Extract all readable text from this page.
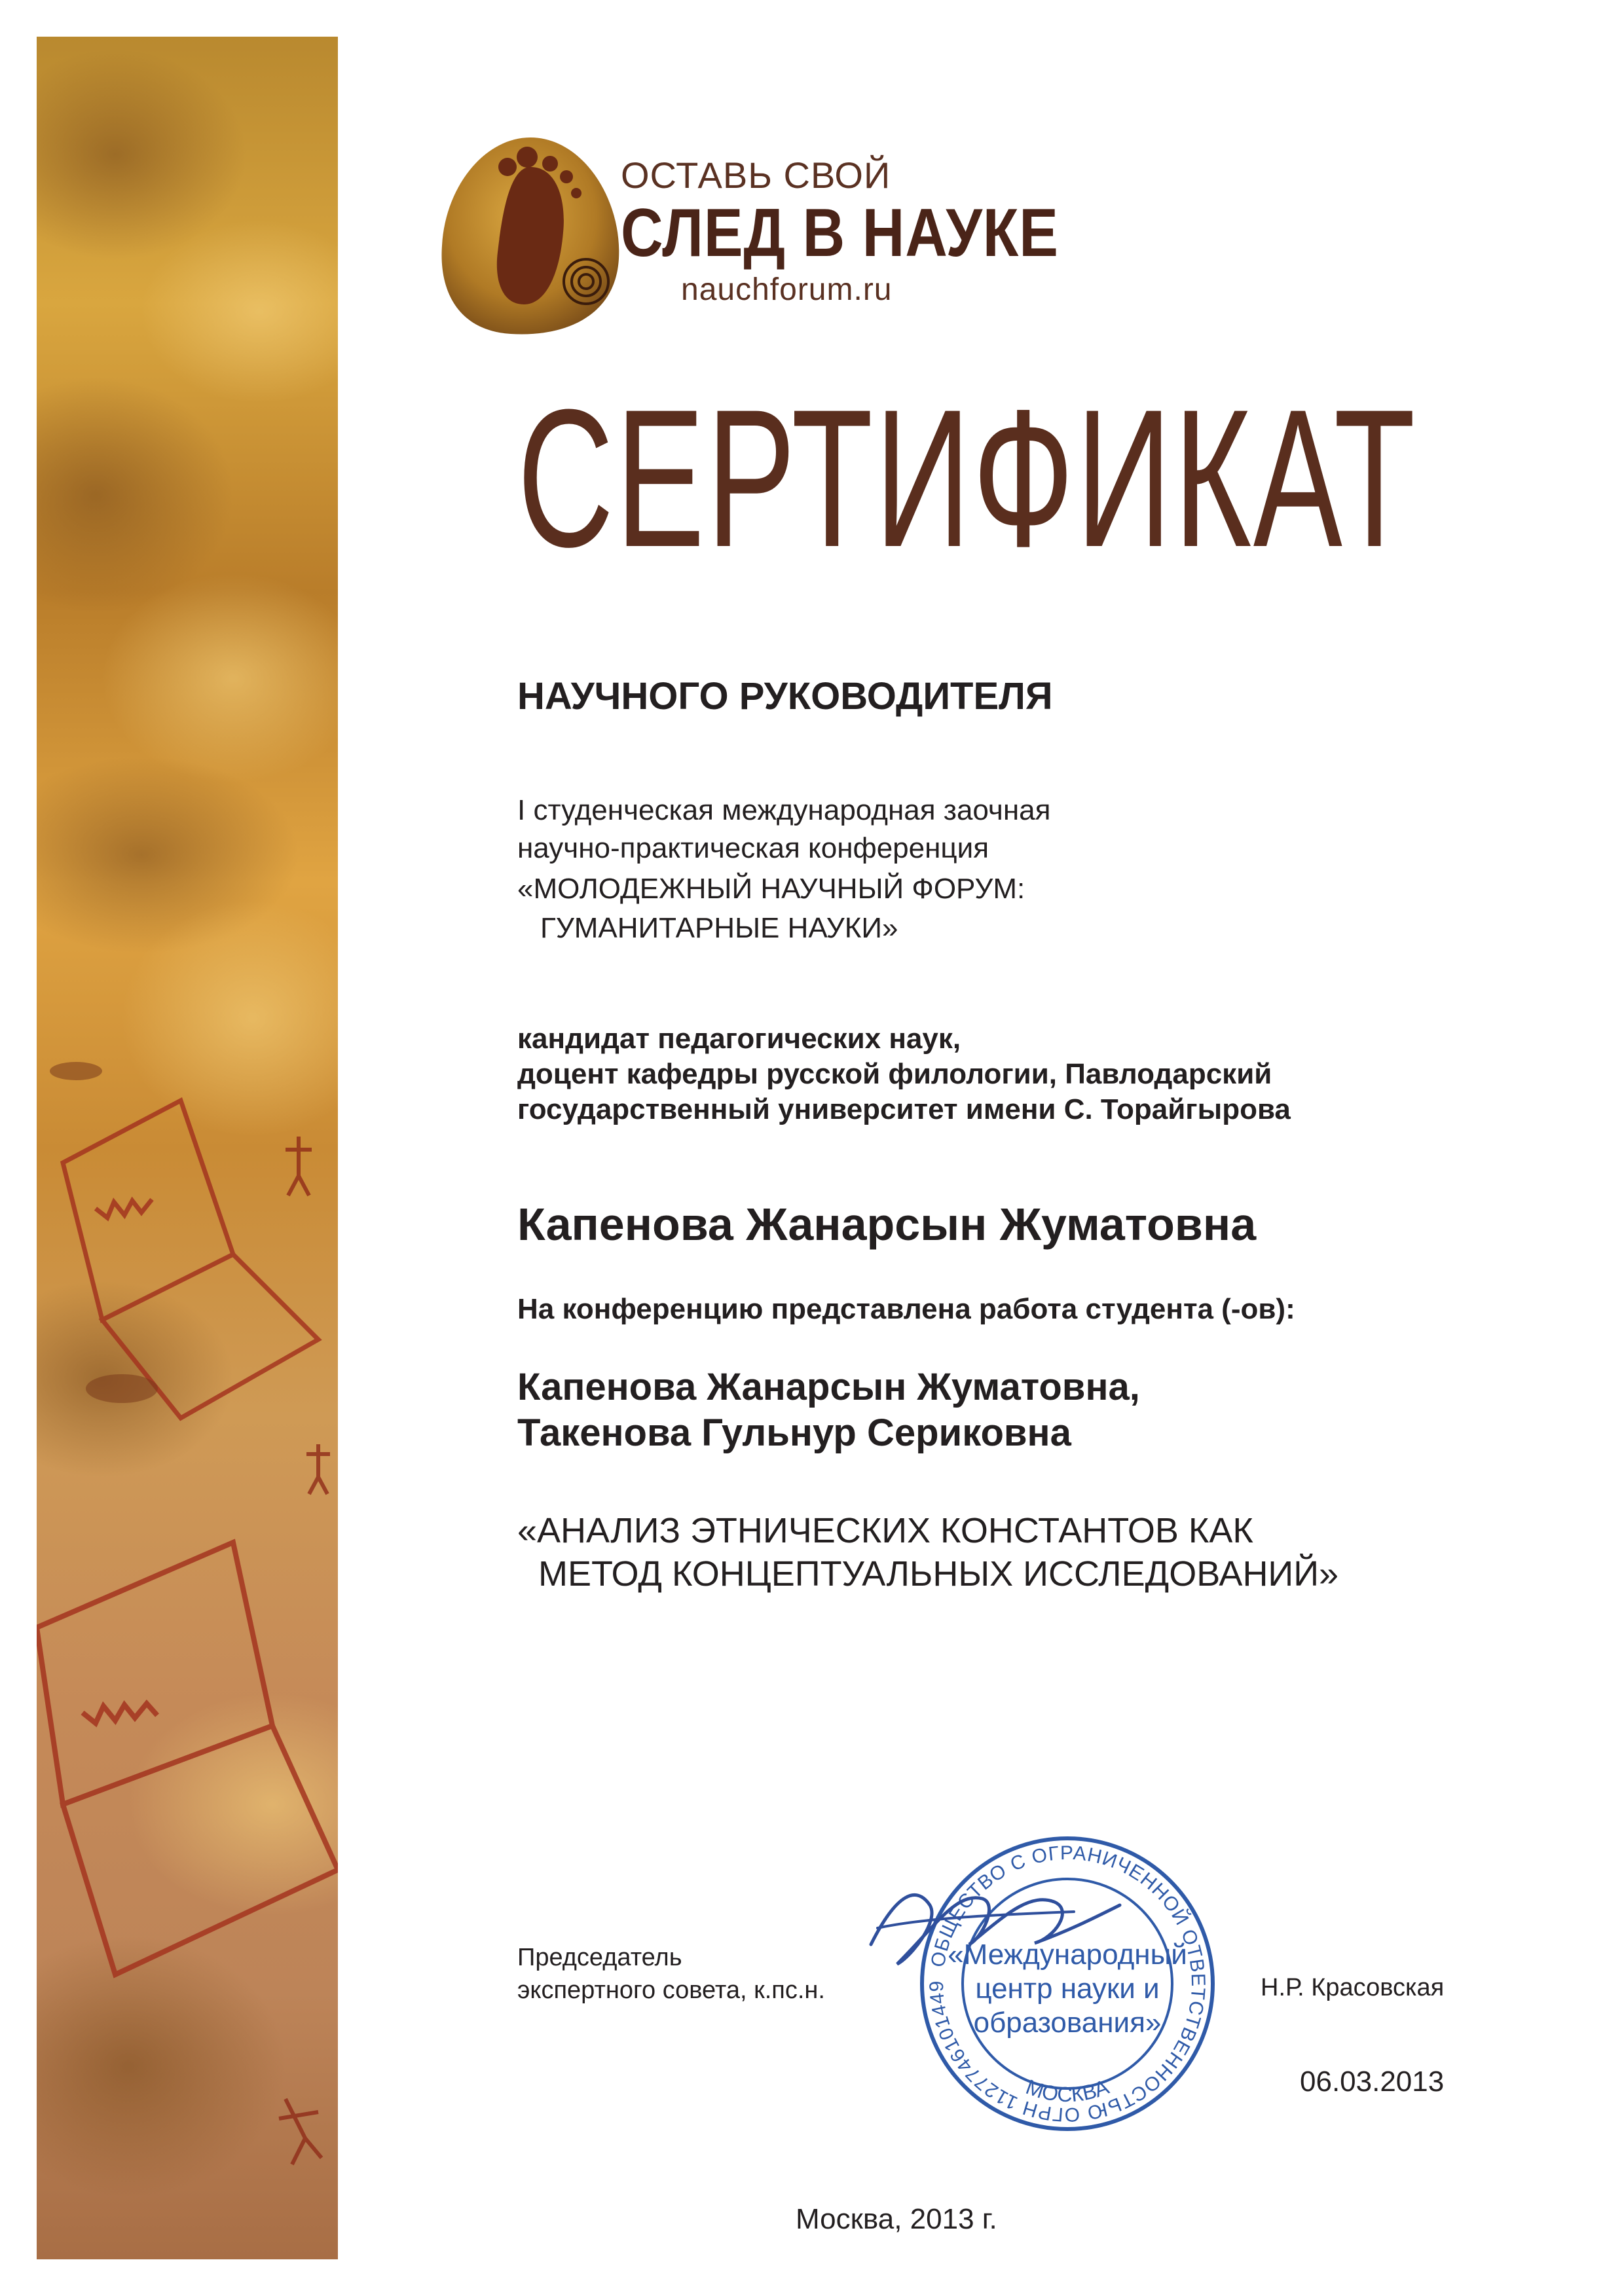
ОСТАВЬ СВОЙ
СЛЕД В НАУКЕ
nauchforum.ru
СЕРТИФИКАТ
НАУЧНОГО РУКОВОДИТЕЛЯ
I студенческая международная заочная
научно-практическая конференция
«МОЛОДЕЖНЫЙ НАУЧНЫЙ ФОРУМ:
ГУМАНИТАРНЫЕ НАУКИ»
кандидат педагогических наук,
доцент кафедры русской филологии, Павлодарский
государственный университет имени С. Торайгырова
Капенова Жанарсын Жуматовна
На конференцию представлена работа студента (-ов):
Капенова Жанарсын Жуматовна,
Такенова Гульнур Сериковна
«АНАЛИЗ ЭТНИЧЕСКИХ КОНСТАНТОВ КАК
МЕТОД КОНЦЕПТУАЛЬНЫХ ИССЛЕДОВАНИЙ»
Председатель
экспертного совета, к.пс.н.	Н.Р. Красовская
06.03.2013
ОБЩЕСТВО С ОГРАНИЧЕННОЙ ОТВЕТСТВЕННОСТЬЮ ОГРН 1127746101449
МОСКВА
«Международный
центр науки и
образования»
Москва, 2013 г.
